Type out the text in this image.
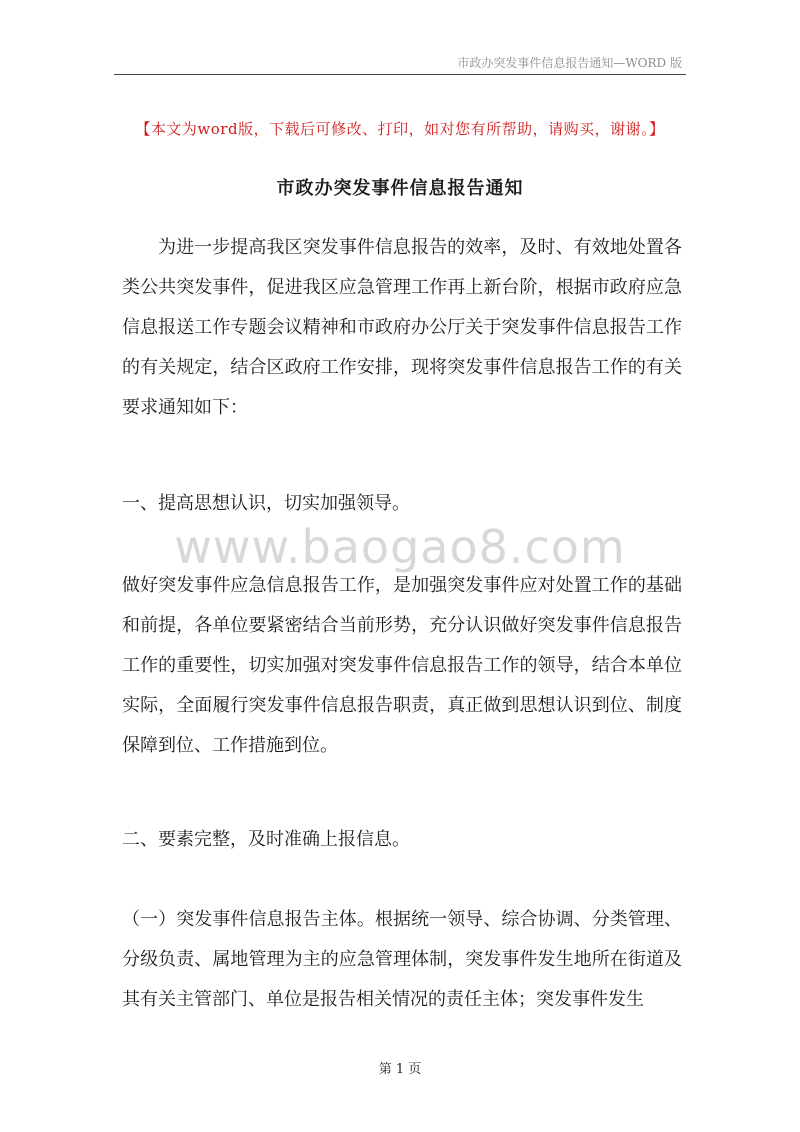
市政办突发事件信息报告通知—WORD 版
【本文为word版，下载后可修改、打印，如对您有所帮助，请购买，谢谢。】
市政办突发事件信息报告通知

为进一步提高我区突发事件信息报告的效率，及时、有效地处置各类公共突发事件，促进我区应急管理工作再上新台阶，根据市政府应急信息报送工作专题会议精神和市政府办公厅关于突发事件信息报告工作的有关规定，结合区政府工作安排，现将突发事件信息报告工作的有关要求通知如下：

一、提高思想认识，切实加强领导。

做好突发事件应急信息报告工作，是加强突发事件应对处置工作的基础和前提，各单位要紧密结合当前形势，充分认识做好突发事件信息报告工作的重要性，切实加强对突发事件信息报告工作的领导，结合本单位实际，全面履行突发事件信息报告职责，真正做到思想认识到位、制度保障到位、工作措施到位。

二、要素完整，及时准确上报信息。

（一）突发事件信息报告主体。根据统一领导、综合协调、分类管理、分级负责、属地管理为主的应急管理体制，突发事件发生地所在街道及其有关主管部门、单位是报告相关情况的责任主体；突发事件发生

www.baogao8.com
第 1 页
